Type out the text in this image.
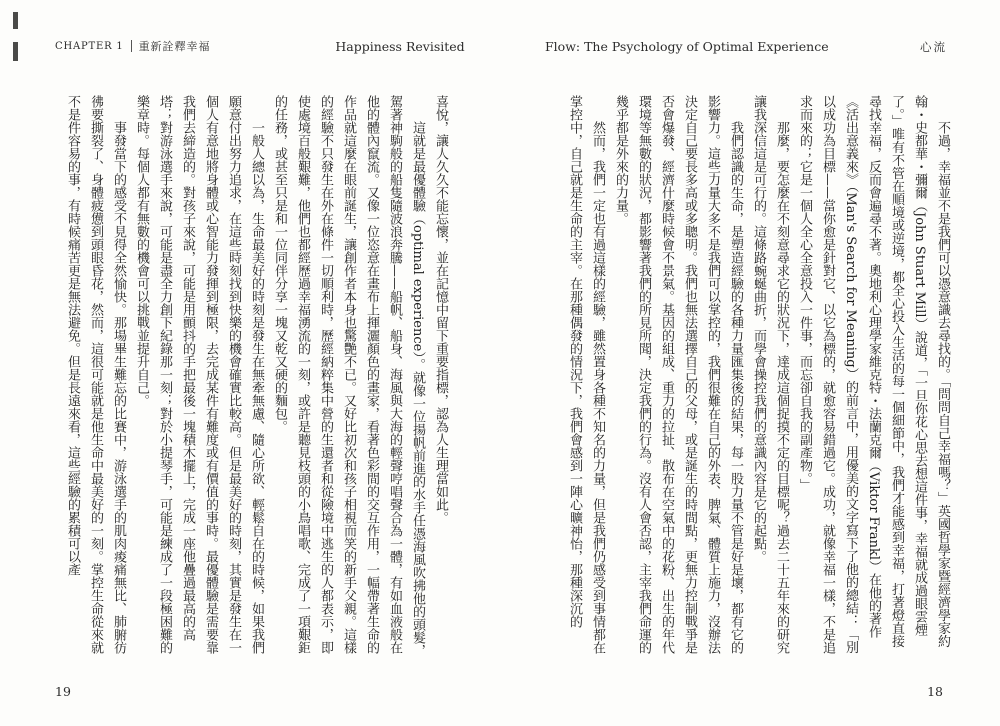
CHAPTER 1 重新詮釋幸福	Happiness Revisited	Flow: The Psychology of Optimal Experience	心流

不過，幸福並不是我們可以憑意識去尋找的。「問問自己幸福嗎？」英國哲學家暨經濟學家約翰・史都華・彌爾（John Stuart Mill）說道，「一旦你花心思去想這件事，幸福就成過眼雲煙了。」唯有不管在順境或逆境，都全心投入生活的每一個細節中，我們才能感到幸福，打著燈直接尋找幸福，反而會遍尋不著。奧地利心理學家維克特・法蘭克爾（Viktor Frankl）在他的著作《活出意義來》（Man's Search for Meaning）的前言中，用優美的文字寫下了他的總結：「別以成功為目標——當你愈是針對它、以它為標的，就愈容易錯過它。成功，就像幸福一樣，不是追求而來的；它是一個人全心全意投入一件事，而忘卻自我的副產物。」

那麼，要怎麼在不刻意尋求它的狀況下，達成這個捉摸不定的目標呢？過去二十五年來的研究讓我深信這是可行的。這條路蜿蜒曲折，而學會操控我們的意識內容是它的起點。

我們認識的生命，是塑造經驗的各種力量匯集後的結果，每一股力量不管是好是壞，都有它的影響力。這些力量大多不是我們可以掌控的，我們很難在自己的外表、脾氣、體質上施力，沒辦法決定自己要長多高或多聰明。我們也無法選擇自己的父母，或是誕生的時間點，更無力控制戰爭是否會爆發、經濟什麼時候會不景氣。基因的組成、重力的拉扯、散布在空氣中的花粉、出生的年代環境等無數的狀況，都影響著我們的所見所聞，決定我們的行為。沒有人會否認，主宰我們命運的幾乎都是外來的力量。

然而，我們一定也有過這樣的經驗，雖然置身各種不知名的力量，但是我們仍感受到事情都在掌控中，自己就是生命的主宰。在那種偶發的情況下，我們會感到一陣心曠神怡，那種深沉的

喜悅，讓人久久不能忘懷，並在記憶中留下重要指標，認為人生理當如此。

這就是最優體驗（optimal experience）。就像一位揚帆前進的水手任憑海風吹拂他的頭髮，駕著神駒般的船隻隨波浪奔騰——船帆、船身、海風與大海的輕聲哼唱聲合為一體，有如血液般在他的體內竄流。又像一位恣意在畫布上揮灑顏色的畫家，看著色彩間的交互作用，一幅帶著生命的作品就這麼在眼前誕生，讓創作者本身也驚艷不已。又好比初次和孩子相視而笑的新手父親。這樣的經驗不只發生在外在條件一切順利時，歷經納粹集中營的生還者和從險境中逃生的人都表示，即使處境百般艱難，他們也都經歷過幸福湧流的一刻，或許是聽見枝頭的小鳥唱歌、完成了一項艱鉅的任務，或甚至只是和一位同伴分享一塊又乾又硬的麵包。

一般人總以為，生命最美好的時刻是發生在無牽無慮、隨心所欲、輕鬆自在的時候，如果我們願意付出努力追求，在這些時刻找到快樂的機會確實比較高。但是最美好的時刻，其實是發生在一個人有意地將身體或心智能力發揮到極限，去完成某件有難度或有價值的事時。最優體驗是需要靠我們去締造的。對孩子來說，可能是用顫抖的手把最後一塊積木擺上，完成一座他疊過最高的高塔；對游泳選手來說，可能是盡全力創下紀錄那一刻；對於小提琴手，可能是練成了一段極困難的樂章時。每個人都有無數的機會可以挑戰並提升自己。

事發當下的感受不見得全然愉快。那場畢生難忘的比賽中，游泳選手的肌肉痠痛無比、肺腑彷彿要撕裂了、身體疲憊到頭眼昏花，然而，這很可能就是他生命中最美好的一刻。掌控生命從來就不是件容易的事，有時候痛苦更是無法避免。但是長遠來看，這些經驗的累積可以產

19	18
